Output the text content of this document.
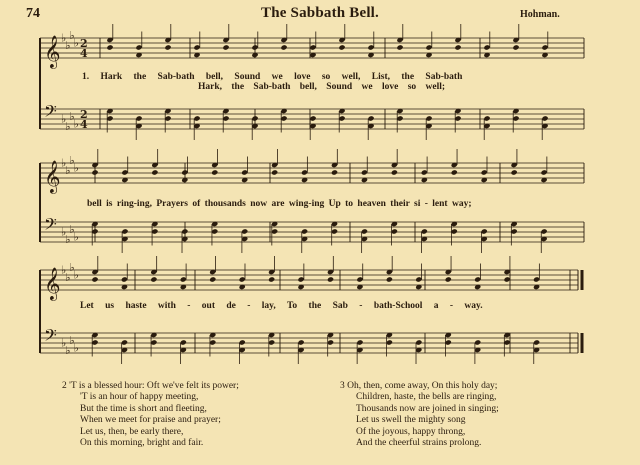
74	The Sabbath Bell.	Hohman.
𝄞 ♭
♭
♭
♭ 2
4
𝄢 ♭
♭
♭
♭
2
4
𝄞 ♭
♭
♭
♭
𝄢 ♭
♭
♭
♭
𝄞 ♭
♭
♭
♭
𝄢 ♭
♭
♭
♭
1. Hark the Sab-bath bell, Sound we love so well, List, the Sab-bath
Hark, the Sab-bath bell, Sound we love so well;
bell is ring-ing, Prayers of thousands now are wing-ing Up to heaven their si - lent way;
Let us haste with - out de - lay, To the Sab - bath-School a - way.
2 'T is a blessed hour: Oft we've felt its power;
'T is an hour of happy meeting,
But the time is short and fleeting,
When we meet for praise and prayer;
Let us, then, be early there,
On this morning, bright and fair.
3 Oh, then, come away, On this holy day;
Children, haste, the bells are ringing,
Thousands now are joined in singing;
Let us swell the mighty song
Of the joyous, happy throng,
And the cheerful strains prolong.
